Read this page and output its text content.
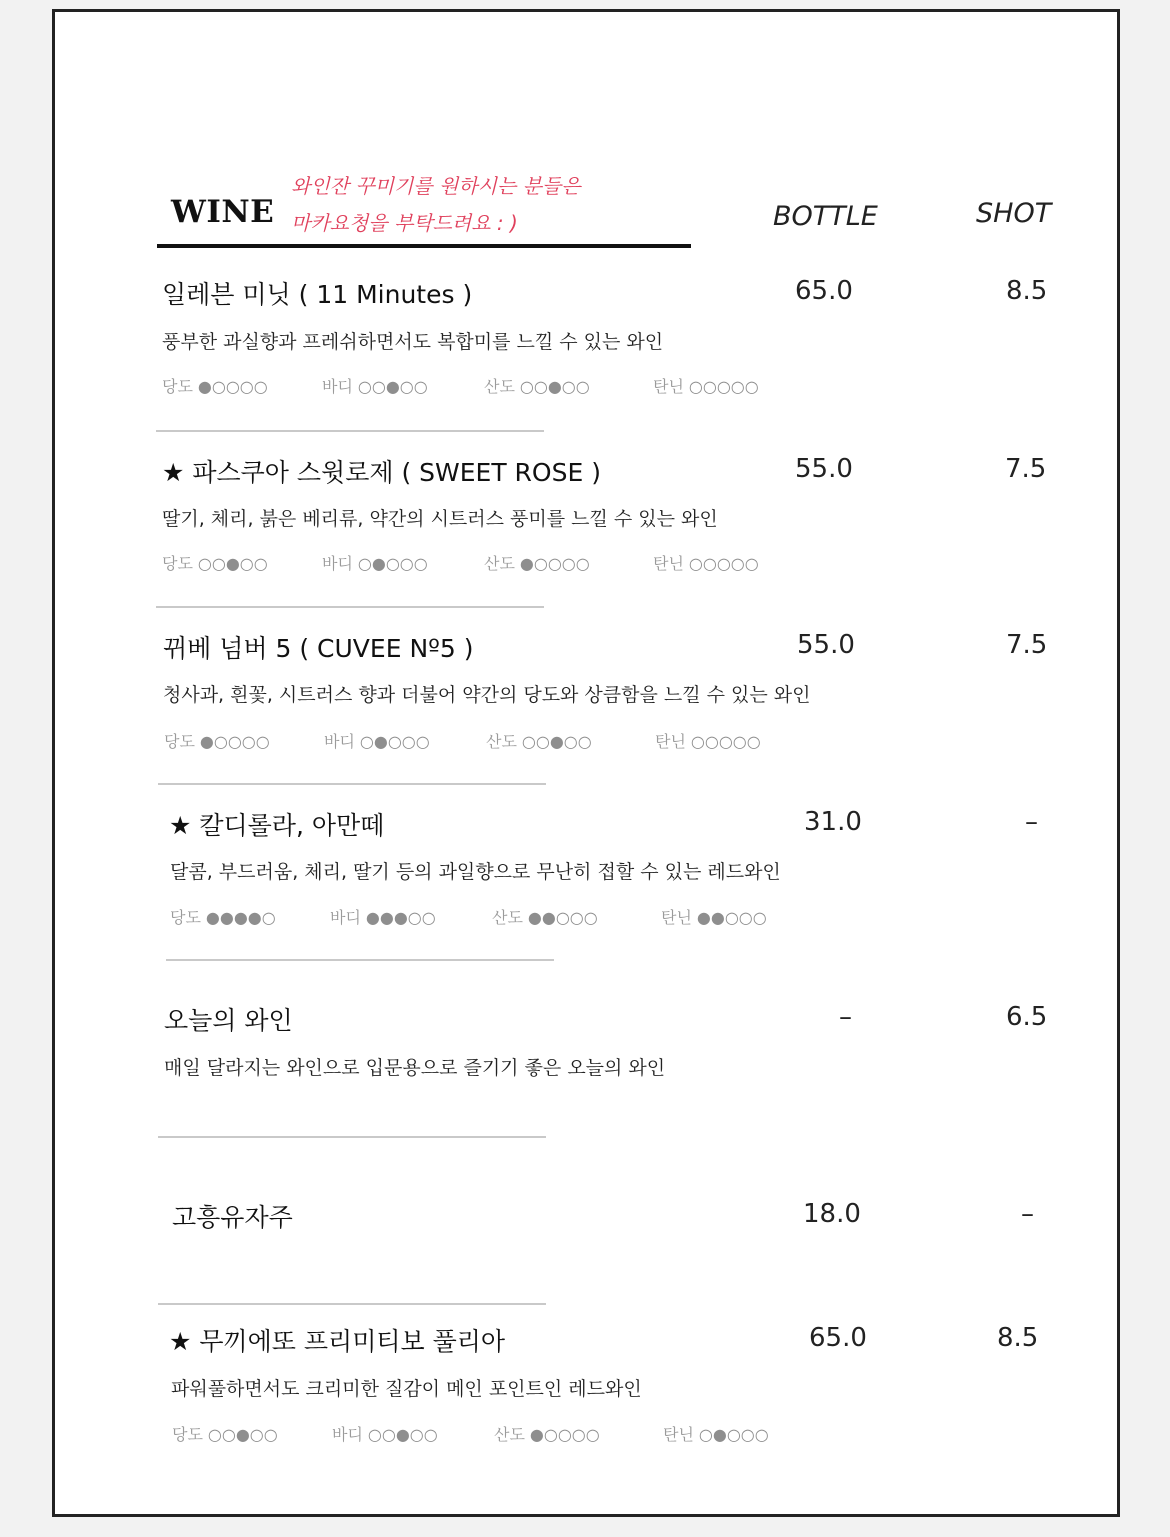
WINE
와인잔 꾸미기를 원하시는 분들은
마카요청을 부탁드려요 : )	BOTTLE	SHOT
일레븐 미닛 ( 11 Minutes )	65.0	8.5
풍부한 과실향과 프레쉬하면서도 복합미를 느낄 수 있는 와인
당도 ●○○○○	바디 ○○●○○	산도 ○○●○○	탄닌 ○○○○○
★ 파스쿠아 스윗로제 ( SWEET ROSE )	55.0	7.5
딸기, 체리, 붉은 베리류, 약간의 시트러스 풍미를 느낄 수 있는 와인
당도 ○○●○○	바디 ○●○○○	산도 ●○○○○	탄닌 ○○○○○
뀌베 넘버 5 ( CUVEE Nº5 )	55.0	7.5
청사과, 흰꽃, 시트러스 향과 더불어 약간의 당도와 상큼함을 느낄 수 있는 와인
당도 ●○○○○	바디 ○●○○○	산도 ○○●○○	탄닌 ○○○○○
★ 칼디롤라, 아만떼	31.0	–
달콤, 부드러움, 체리, 딸기 등의 과일향으로 무난히 접할 수 있는 레드와인
당도 ●●●●○	바디 ●●●○○	산도 ●●○○○	탄닌 ●●○○○
오늘의 와인	–	6.5
매일 달라지는 와인으로 입문용으로 즐기기 좋은 오늘의 와인
고흥유자주	18.0	–
★ 무끼에또 프리미티보 풀리아	65.0	8.5
파워풀하면서도 크리미한 질감이 메인 포인트인 레드와인
당도 ○○●○○	바디 ○○●○○	산도 ●○○○○	탄닌 ○●○○○
